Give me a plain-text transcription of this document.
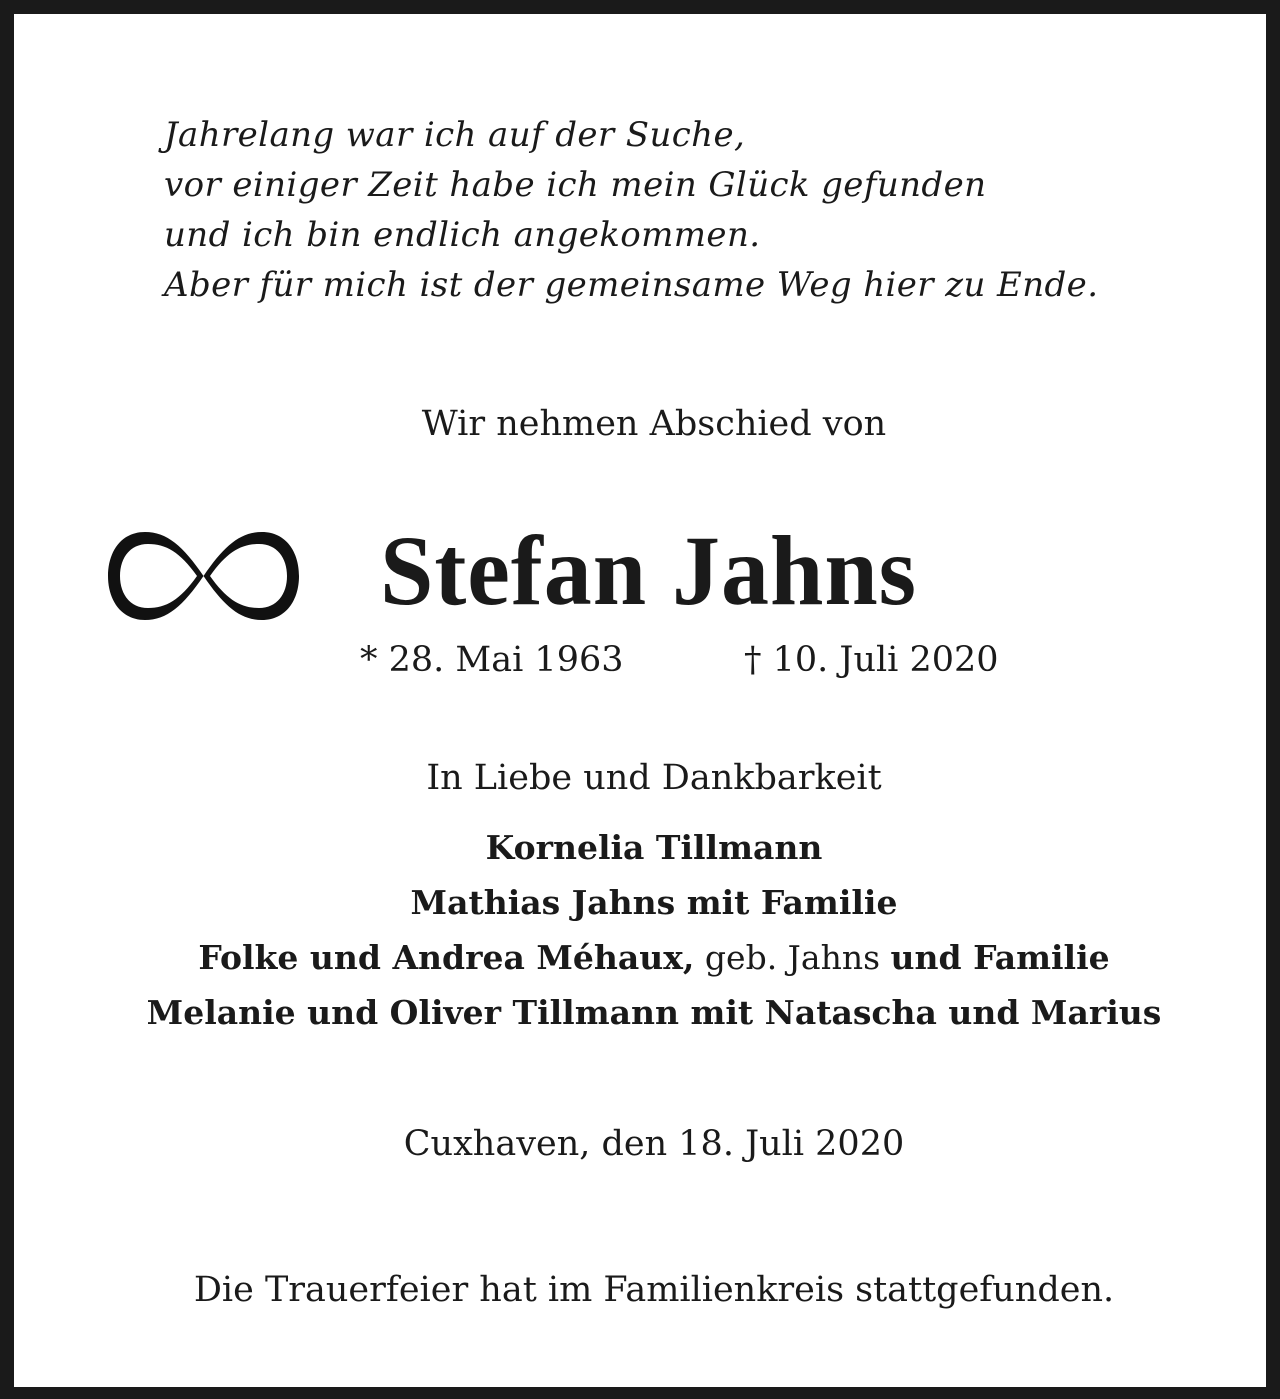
Jahrelang war ich auf der Suche,
vor einiger Zeit habe ich mein Glück gefunden
und ich bin endlich angekommen.
Aber für mich ist der gemeinsame Weg hier zu Ende.
Wir nehmen Abschied von
Stefan Jahns
* 28. Mai 1963	† 10. Juli 2020
In Liebe und Dankbarkeit
Kornelia Tillmann
Mathias Jahns mit Familie
Folke und Andrea Méhaux, geb. Jahns und Familie
Melanie und Oliver Tillmann mit Natascha und Marius
Cuxhaven, den 18. Juli 2020
Die Trauerfeier hat im Familienkreis stattgefunden.
